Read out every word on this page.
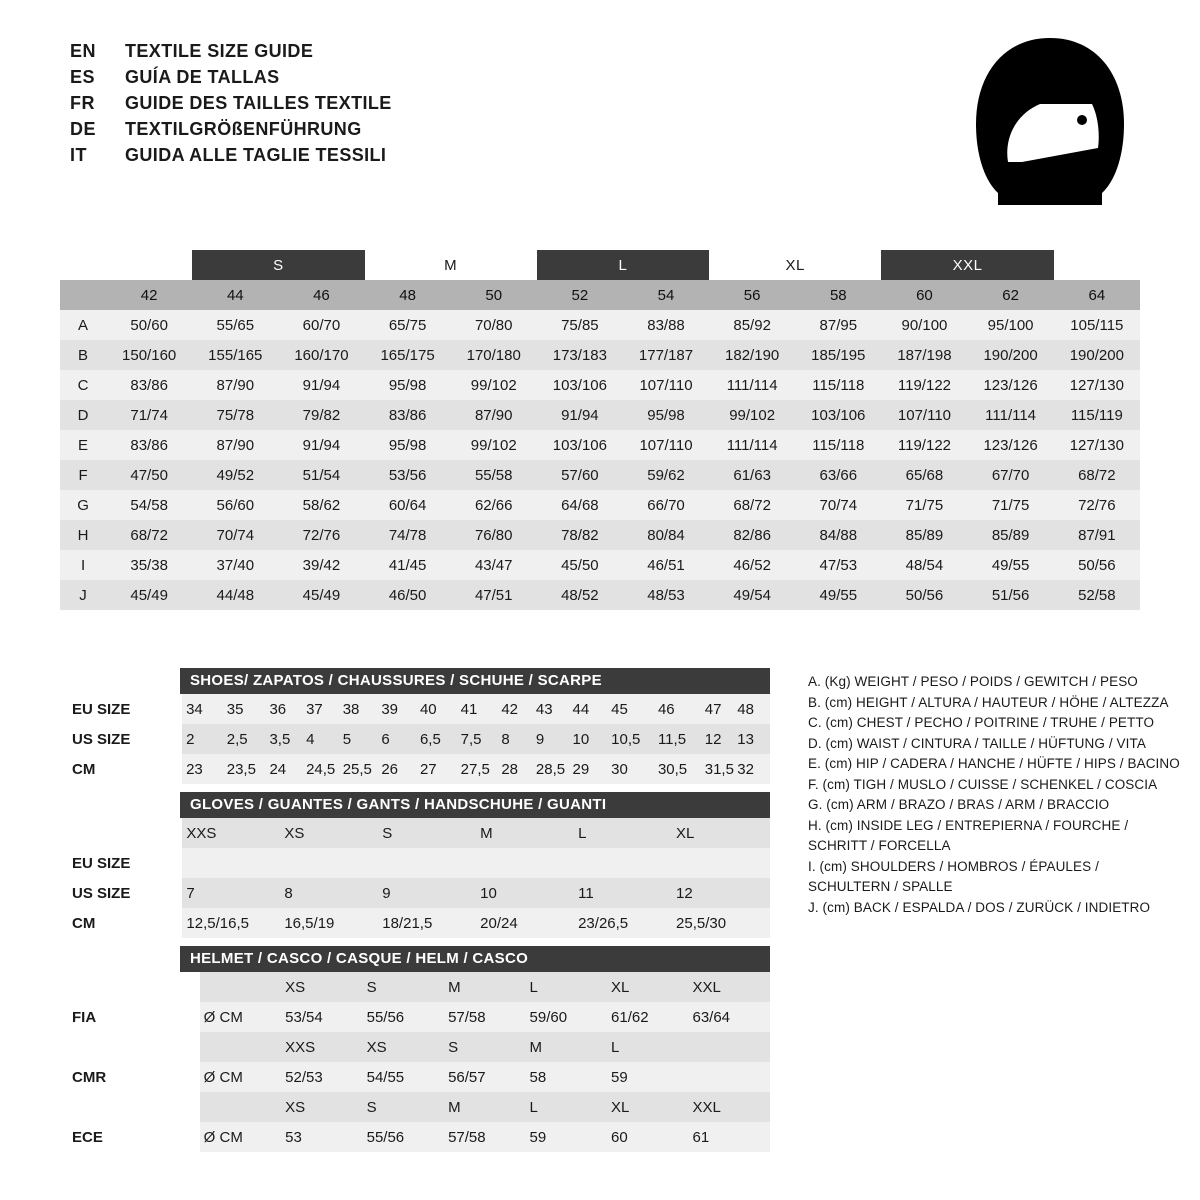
EN	TEXTILE SIZE GUIDE
ES	GUÍA DE TALLAS
FR	GUIDE DES TAILLES TEXTILE
DE	TEXTILGRÖßENFÜHRUNG
IT	GUIDA ALLE TAGLIE TESSILI
		S		M		L		XL		XXL		
	42	44	46	48	50	52	54	56	58	60	62	64
A	50/60	55/65	60/70	65/75	70/80	75/85	83/88	85/92	87/95	90/100	95/100	105/115
B	150/160	155/165	160/170	165/175	170/180	173/183	177/187	182/190	185/195	187/198	190/200	190/200
C	83/86	87/90	91/94	95/98	99/102	103/106	107/110	111/114	115/118	119/122	123/126	127/130
D	71/74	75/78	79/82	83/86	87/90	91/94	95/98	99/102	103/106	107/110	111/114	115/119
E	83/86	87/90	91/94	95/98	99/102	103/106	107/110	111/114	115/118	119/122	123/126	127/130
F	47/50	49/52	51/54	53/56	55/58	57/60	59/62	61/63	63/66	65/68	67/70	68/72
G	54/58	56/60	58/62	60/64	62/66	64/68	66/70	68/72	70/74	71/75	71/75	72/76
H	68/72	70/74	72/76	74/78	76/80	78/82	80/84	82/86	84/88	85/89	85/89	87/91
I	35/38	37/40	39/42	41/45	43/47	45/50	46/51	46/52	47/53	48/54	49/55	50/56
J	45/49	44/48	45/49	46/50	47/51	48/52	48/53	49/54	49/55	50/56	51/56	52/58
SHOES/ ZAPATOS / CHAUSSURES / SCHUHE / SCARPE
EU SIZE	34	35	36	37	38	39	40	41	42	43	44	45	46	47	48
US SIZE	2	2,5	3,5	4	5	6	6,5	7,5	8	9	10	10,5	11,5	12	13
CM	23	23,5	24	24,5	25,5	26	27	27,5	28	28,5	29	30	30,5	31,5	32
GLOVES / GUANTES / GANTS / HANDSCHUHE / GUANTI
	XXS	XS	S	M	L	XL
EU SIZE						
US SIZE	7	8	9	10	11	12
CM	12,5/16,5	16,5/19	18/21,5	20/24	23/26,5	25,5/30
HELMET / CASCO / CASQUE / HELM / CASCO
		XS	S	M	L	XL	XXL
FIA	Ø CM	53/54	55/56	57/58	59/60	61/62	63/64
		XXS	XS	S	M	L	
CMR	Ø CM	52/53	54/55	56/57	58	59	
		XS	S	M	L	XL	XXL
ECE	Ø CM	53	55/56	57/58	59	60	61
A. (Kg) WEIGHT / PESO / POIDS / GEWITCH / PESO
B. (cm) HEIGHT / ALTURA / HAUTEUR / HÖHE / ALTEZZA
C. (cm) CHEST / PECHO / POITRINE / TRUHE / PETTO
D. (cm) WAIST / CINTURA / TAILLE / HÜFTUNG / VITA
E. (cm) HIP / CADERA / HANCHE / HÜFTE / HIPS / BACINO
F. (cm) TIGH / MUSLO / CUISSE / SCHENKEL / COSCIA
G. (cm) ARM / BRAZO / BRAS / ARM / BRACCIO
H. (cm) INSIDE LEG / ENTREPIERNA / FOURCHE /
SCHRITT / FORCELLA
I. (cm) SHOULDERS / HOMBROS / ÉPAULES /
SCHULTERN / SPALLE
J. (cm) BACK / ESPALDA / DOS / ZURÜCK / INDIETRO
